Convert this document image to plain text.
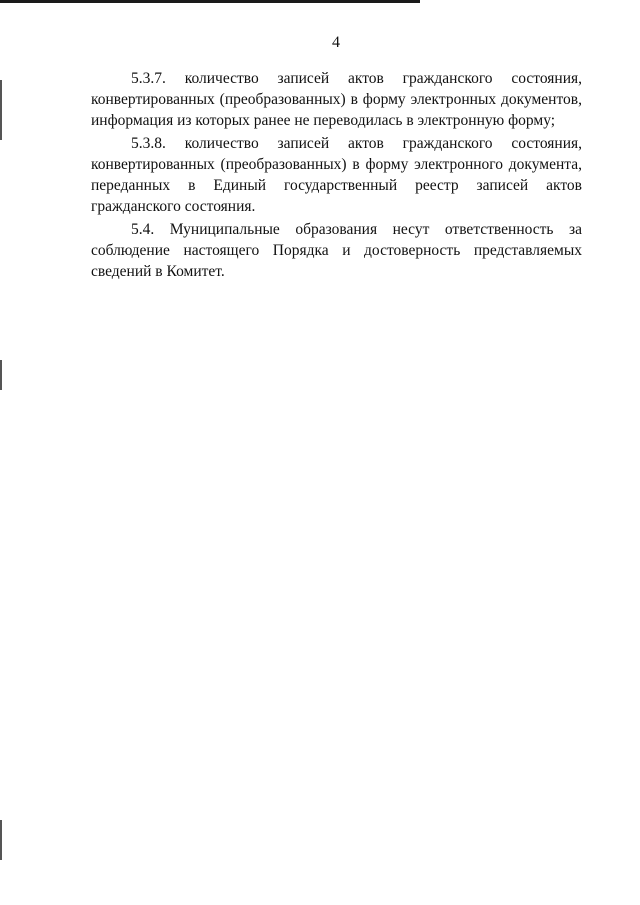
4

5.3.7. количество записей актов гражданского состояния, конвертированных (преобразованных) в форму электронных документов, информация из которых ранее не переводилась в электронную форму;

5.3.8. количество записей актов гражданского состояния, конвертированных (преобразованных) в форму электронного документа, переданных в Единый государственный реестр записей актов гражданского состояния.

5.4. Муниципальные образования несут ответственность за соблюдение настоящего Порядка и достоверность представляемых сведений в Комитет.
